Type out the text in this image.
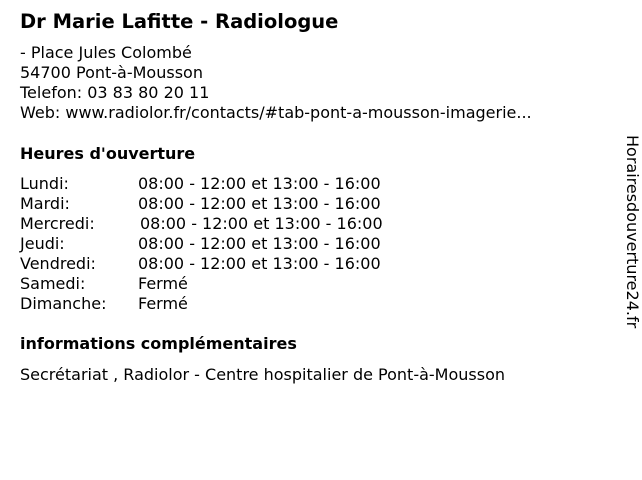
Dr Marie Lafitte - Radiologue
- Place Jules Colombé
54700 Pont-à-Mousson
Telefon: 03 83 80 20 11
Web: www.radiolor.fr/contacts/#tab-pont-a-mousson-imagerie...
Heures d'ouverture
Lundi:	08:00 - 12:00 et 13:00 - 16:00
Mardi:	08:00 - 12:00 et 13:00 - 16:00
Mercredi:	08:00 - 12:00 et 13:00 - 16:00
Jeudi:	08:00 - 12:00 et 13:00 - 16:00
Vendredi:	08:00 - 12:00 et 13:00 - 16:00
Samedi:	Fermé
Dimanche: Fermé
informations complémentaires
Secrétariat , Radiolor - Centre hospitalier de Pont-à-Mousson
Horairesdouverture24.fr
